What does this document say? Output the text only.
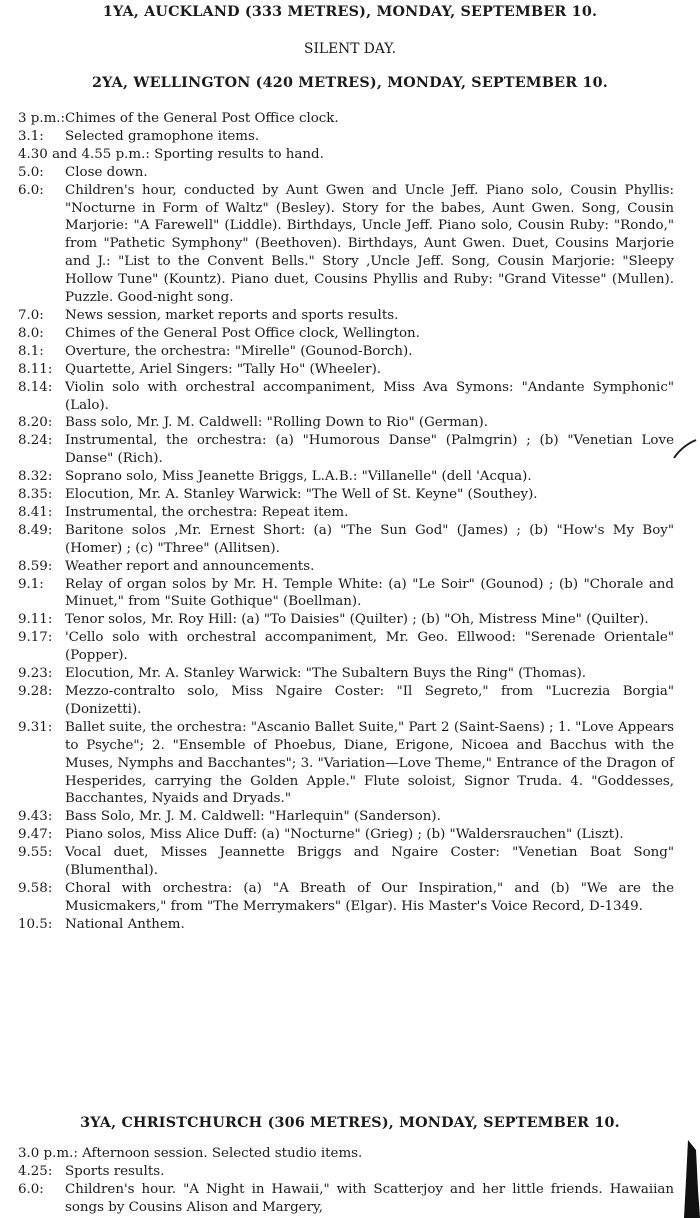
1YA, AUCKLAND (333 METRES), MONDAY, SEPTEMBER 10.
SILENT DAY.
2YA, WELLINGTON (420 METRES), MONDAY, SEPTEMBER 10.
3 p.m.: Chimes of the General Post Office clock.
3.1: Selected gramophone items.
4.30 and 4.55 p.m.: Sporting results to hand.
5.0: Close down.
6.0: Children's hour, conducted by Aunt Gwen and Uncle Jeff. Piano solo, Cousin Phyllis: "Nocturne in Form of Waltz" (Besley). Story for the babes, Aunt Gwen. Song, Cousin Marjorie: "A Farewell" (Liddle). Birthdays, Uncle Jeff. Piano solo, Cousin Ruby: "Rondo," from "Pathetic Symphony" (Beethoven). Birthdays, Aunt Gwen. Duet, Cousins Marjorie and J.: "List to the Convent Bells." Story ,Uncle Jeff. Song, Cousin Marjorie: "Sleepy Hollow Tune" (Kountz). Piano duet, Cousins Phyllis and Ruby: "Grand Vitesse" (Mullen). Puzzle. Good-night song.
7.0: News session, market reports and sports results.
8.0: Chimes of the General Post Office clock, Wellington.
8.1: Overture, the orchestra: "Mirelle" (Gounod-Borch).
8.11: Quartette, Ariel Singers: "Tally Ho" (Wheeler).
8.14: Violin solo with orchestral accompaniment, Miss Ava Symons: "Andante Symphonic" (Lalo).
8.20: Bass solo, Mr. J. M. Caldwell: "Rolling Down to Rio" (German).
8.24: Instrumental, the orchestra: (a) "Humorous Danse" (Palmgrin) ; (b) "Venetian Love Danse" (Rich).
8.32: Soprano solo, Miss Jeanette Briggs, L.A.B.: "Villanelle" (dell 'Acqua).
8.35: Elocution, Mr. A. Stanley Warwick: "The Well of St. Keyne" (Southey).
8.41: Instrumental, the orchestra: Repeat item.
8.49: Baritone solos ,Mr. Ernest Short: (a) "The Sun God" (James) ; (b) "How's My Boy" (Homer) ; (c) "Three" (Allitsen).
8.59: Weather report and announcements.
9.1: Relay of organ solos by Mr. H. Temple White: (a) "Le Soir" (Gounod) ; (b) "Chorale and Minuet," from "Suite Gothique" (Boellman).
9.11: Tenor solos, Mr. Roy Hill: (a) "To Daisies" (Quilter) ; (b) "Oh, Mistress Mine" (Quilter).
9.17: 'Cello solo with orchestral accompaniment, Mr. Geo. Ellwood: "Serenade Orientale" (Popper).
9.23: Elocution, Mr. A. Stanley Warwick: "The Subaltern Buys the Ring" (Thomas).
9.28: Mezzo-contralto solo, Miss Ngaire Coster: "Il Segreto," from "Lucrezia Borgia" (Donizetti).
9.31: Ballet suite, the orchestra: "Ascanio Ballet Suite," Part 2 (Saint-Saens) ; 1. "Love Appears to Psyche"; 2. "Ensemble of Phoebus, Diane, Erigone, Nicoea and Bacchus with the Muses, Nymphs and Bacchantes"; 3. "Variation—Love Theme," Entrance of the Dragon of Hesperides, carrying the Golden Apple." Flute soloist, Signor Truda. 4. "Goddesses, Bacchantes, Nyaids and Dryads."
9.43: Bass Solo, Mr. J. M. Caldwell: "Harlequin" (Sanderson).
9.47: Piano solos, Miss Alice Duff: (a) "Nocturne" (Grieg) ; (b) "Waldersrauchen" (Liszt).
9.55: Vocal duet, Misses Jeannette Briggs and Ngaire Coster: "Venetian Boat Song" (Blumenthal).
9.58: Choral with orchestra: (a) "A Breath of Our Inspiration," and (b) "We are the Musicmakers," from "The Merrymakers" (Elgar). His Master's Voice Record, D-1349.
10.5: National Anthem.
3YA, CHRISTCHURCH (306 METRES), MONDAY, SEPTEMBER 10.
3.0 p.m.: Afternoon session. Selected studio items.
4.25: Sports results.
6.0: Children's hour. "A Night in Hawaii," with Scatterjoy and her little friends. Hawaiian songs by Cousins Alison and Margery,
